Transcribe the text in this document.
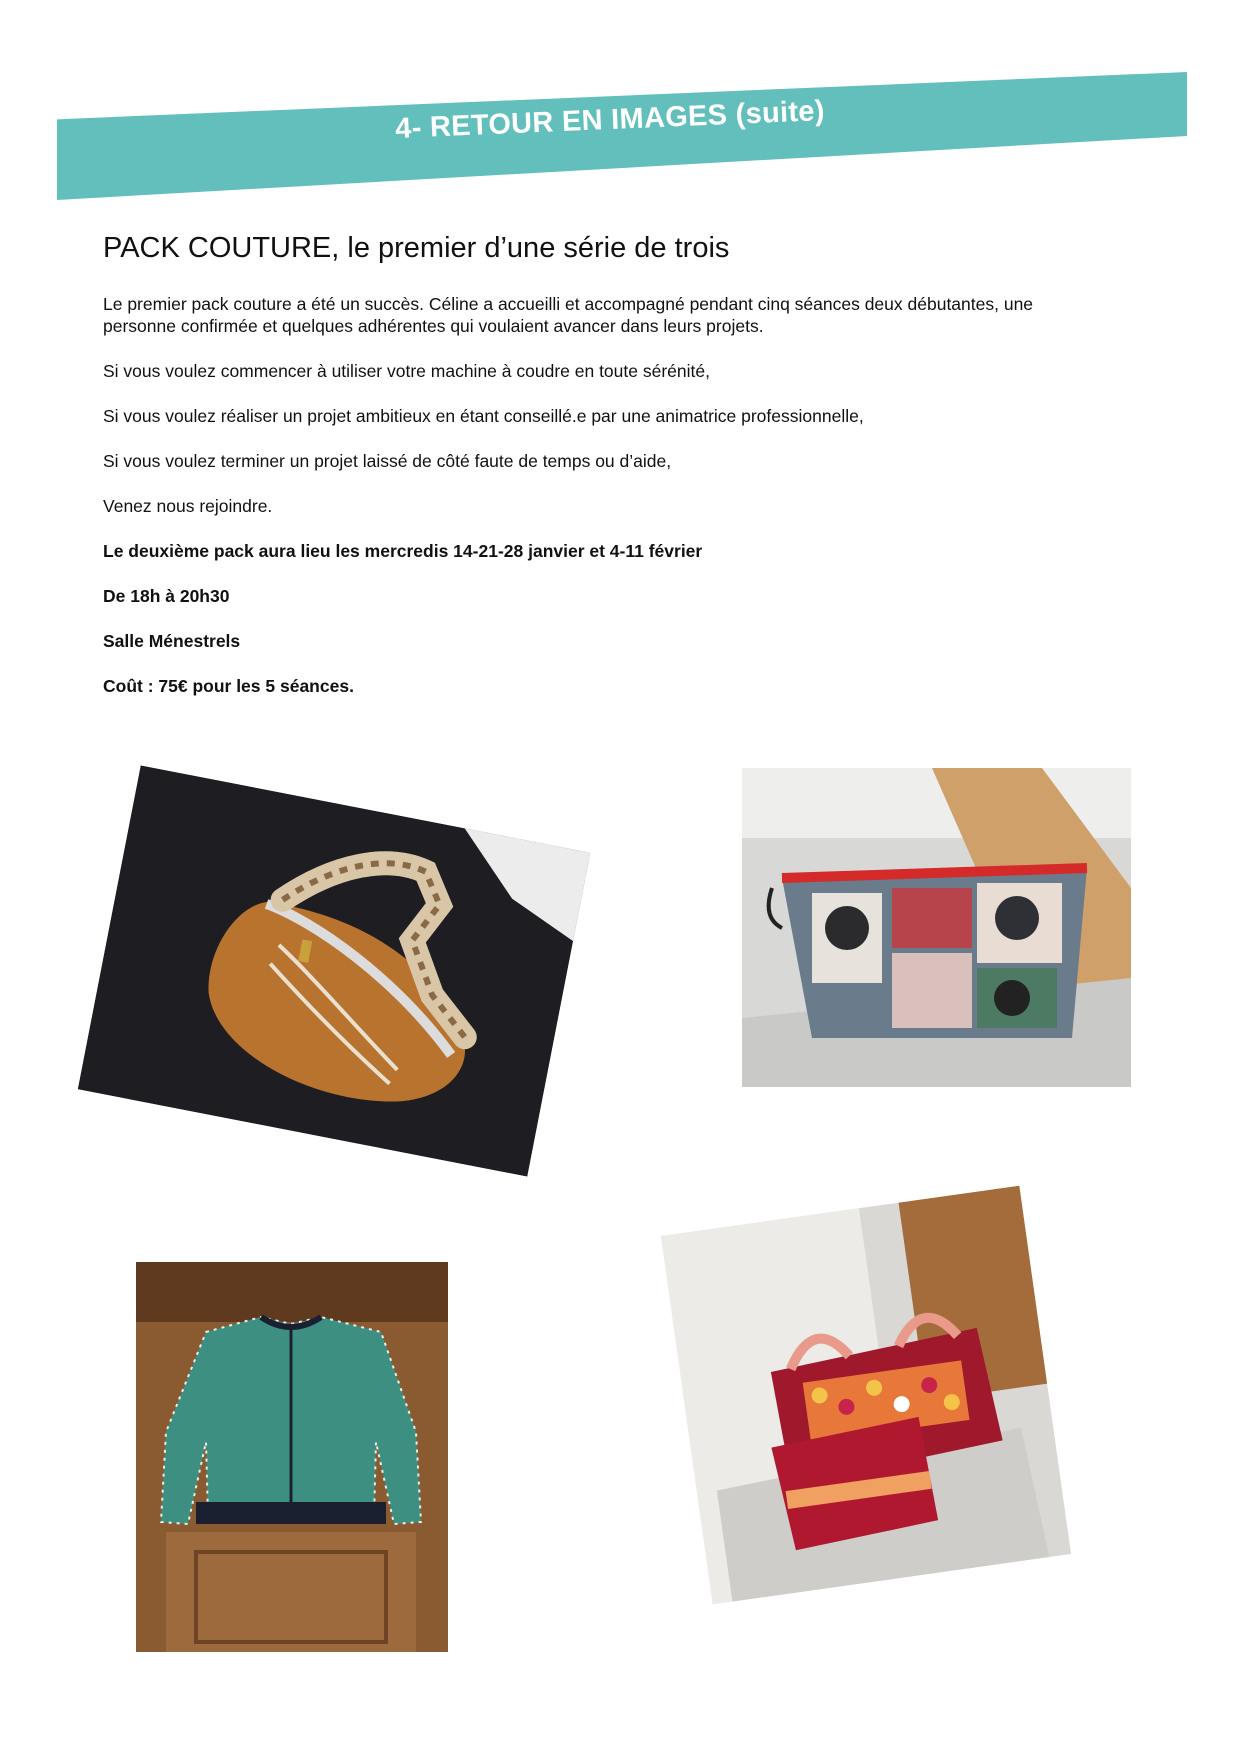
4- RETOUR EN IMAGES (suite)
PACK COUTURE, le premier d’une série de trois

Le premier pack couture a été un succès. Céline a accueilli et accompagné pendant cinq séances deux débutantes, une personne confirmée et quelques adhérentes qui voulaient avancer dans leurs projets.

Si vous voulez commencer à utiliser votre machine à coudre en toute sérénité,

Si vous voulez réaliser un projet ambitieux en étant conseillé.e par une animatrice professionnelle,

Si vous voulez terminer un projet laissé de côté faute de temps ou d’aide,

Venez nous rejoindre.

Le deuxième pack aura lieu les mercredis 14-21-28 janvier et 4-11 février

De 18h à 20h30

Salle Ménestrels

Coût : 75€ pour les 5 séances.
